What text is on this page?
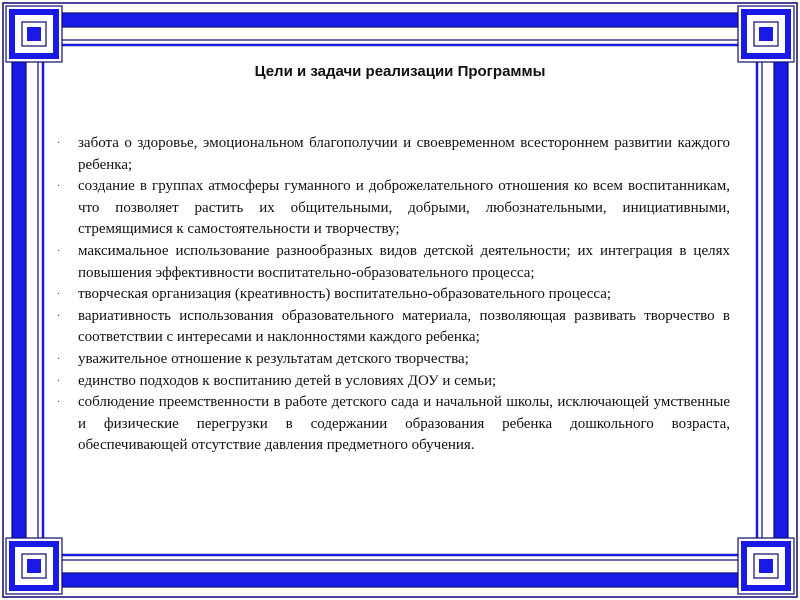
Цели и задачи реализации Программы
· забота о здоровье, эмоциональном благополучии и своевременном всестороннем развитии каждого ребенка;
· создание в группах атмосферы гуманного и доброжелательного отношения ко всем воспитанникам, что позволяет растить их общительными, добрыми, любознательными, инициативными, стремящимися к самостоятельности и творчеству;
· максимальное использование разнообразных видов детской деятельности; их интеграция в целях повышения эффективности воспитательно-образовательного процесса;
· творческая организация (креативность) воспитательно-образовательного процесса;
· вариативность использования образовательного материала, позволяющая развивать творчество в соответствии с интересами и наклонностями каждого ребенка;
· уважительное отношение к результатам детского творчества;
· единство подходов к воспитанию детей в условиях ДОУ и семьи;
· соблюдение преемственности в работе детского сада и начальной школы, исключающей умственные и физические перегрузки в содержании образования ребенка дошкольного возраста, обеспечивающей отсутствие давления предметного обучения.
